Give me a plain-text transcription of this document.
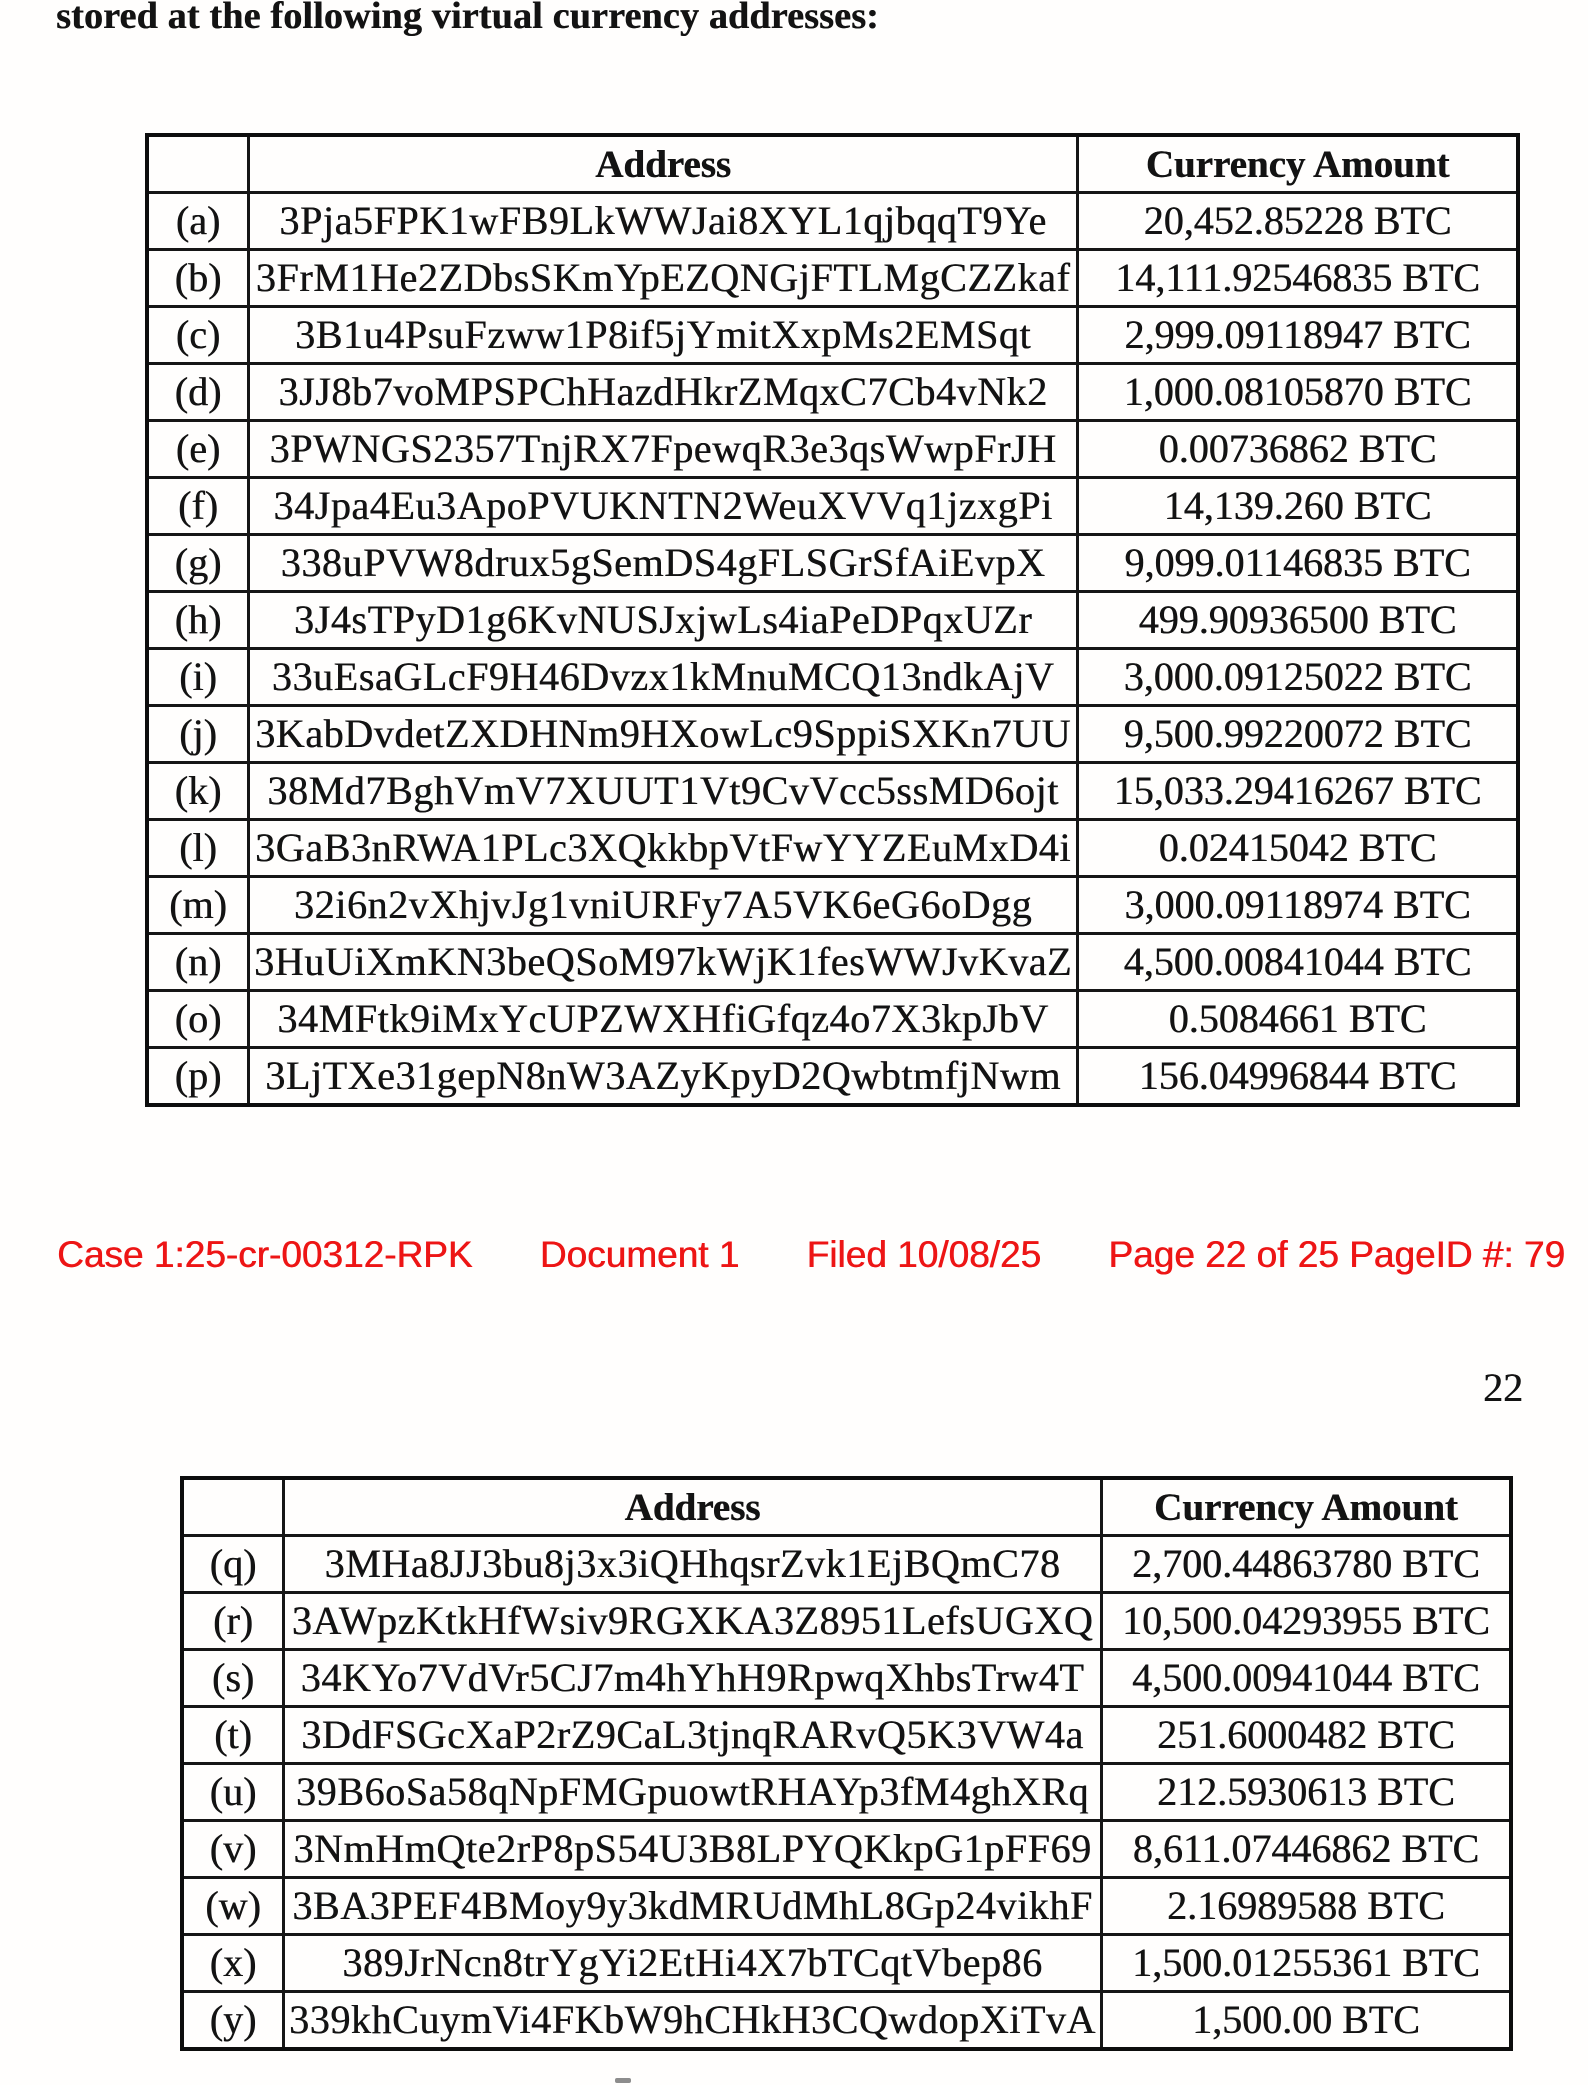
stored at the following virtual currency addresses:
	Address	Currency Amount
(a)	3Pja5FPK1wFB9LkWWJai8XYL1qjbqqT9Ye	20,452.85228 BTC
(b)	3FrM1He2ZDbsSKmYpEZQNGjFTLMgCZZkaf	14,111.92546835 BTC
(c)	3B1u4PsuFzww1P8if5jYmitXxpMs2EMSqt	2,999.09118947 BTC
(d)	3JJ8b7voMPSPChHazdHkrZMqxC7Cb4vNk2	1,000.08105870 BTC
(e)	3PWNGS2357TnjRX7FpewqR3e3qsWwpFrJH	0.00736862 BTC
(f)	34Jpa4Eu3ApoPVUKNTN2WeuXVVq1jzxgPi	14,139.260 BTC
(g)	338uPVW8drux5gSemDS4gFLSGrSfAiEvpX	9,099.01146835 BTC
(h)	3J4sTPyD1g6KvNUSJxjwLs4iaPeDPqxUZr	499.90936500 BTC
(i)	33uEsaGLcF9H46Dvzx1kMnuMCQ13ndkAjV	3,000.09125022 BTC
(j)	3KabDvdetZXDHNm9HXowLc9SppiSXKn7UU	9,500.99220072 BTC
(k)	38Md7BghVmV7XUUT1Vt9CvVcc5ssMD6ojt	15,033.29416267 BTC
(l)	3GaB3nRWA1PLc3XQkkbpVtFwYYZEuMxD4i	0.02415042 BTC
(m)	32i6n2vXhjvJg1vniURFy7A5VK6eG6oDgg	3,000.09118974 BTC
(n)	3HuUiXmKN3beQSoM97kWjK1fesWWJvKvaZ	4,500.00841044 BTC
(o)	34MFtk9iMxYcUPZWXHfiGfqz4o7X3kpJbV	0.5084661 BTC
(p)	3LjTXe31gepN8nW3AZyKpyD2QwbtmfjNwm	156.04996844 BTC
Case 1:25-cr-00312-RPK Document 1 Filed 10/08/25 Page 22 of 25 PageID #: 79
22
	Address	Currency Amount
(q)	3MHa8JJ3bu8j3x3iQHhqsrZvk1EjBQmC78	2,700.44863780 BTC
(r)	3AWpzKtkHfWsiv9RGXKA3Z8951LefsUGXQ	10,500.04293955 BTC
(s)	34KYo7VdVr5CJ7m4hYhH9RpwqXhbsTrw4T	4,500.00941044 BTC
(t)	3DdFSGcXaP2rZ9CaL3tjnqRARvQ5K3VW4a	251.6000482 BTC
(u)	39B6oSa58qNpFMGpuowtRHAYp3fM4ghXRq	212.5930613 BTC
(v)	3NmHmQte2rP8pS54U3B8LPYQKkpG1pFF69	8,611.07446862 BTC
(w)	3BA3PEF4BMoy9y3kdMRUdMhL8Gp24vikhF	2.16989588 BTC
(x)	389JrNcn8trYgYi2EtHi4X7bTCqtVbep86	1,500.01255361 BTC
(y)	339khCuymVi4FKbW9hCHkH3CQwdopXiTvA	1,500.00 BTC
